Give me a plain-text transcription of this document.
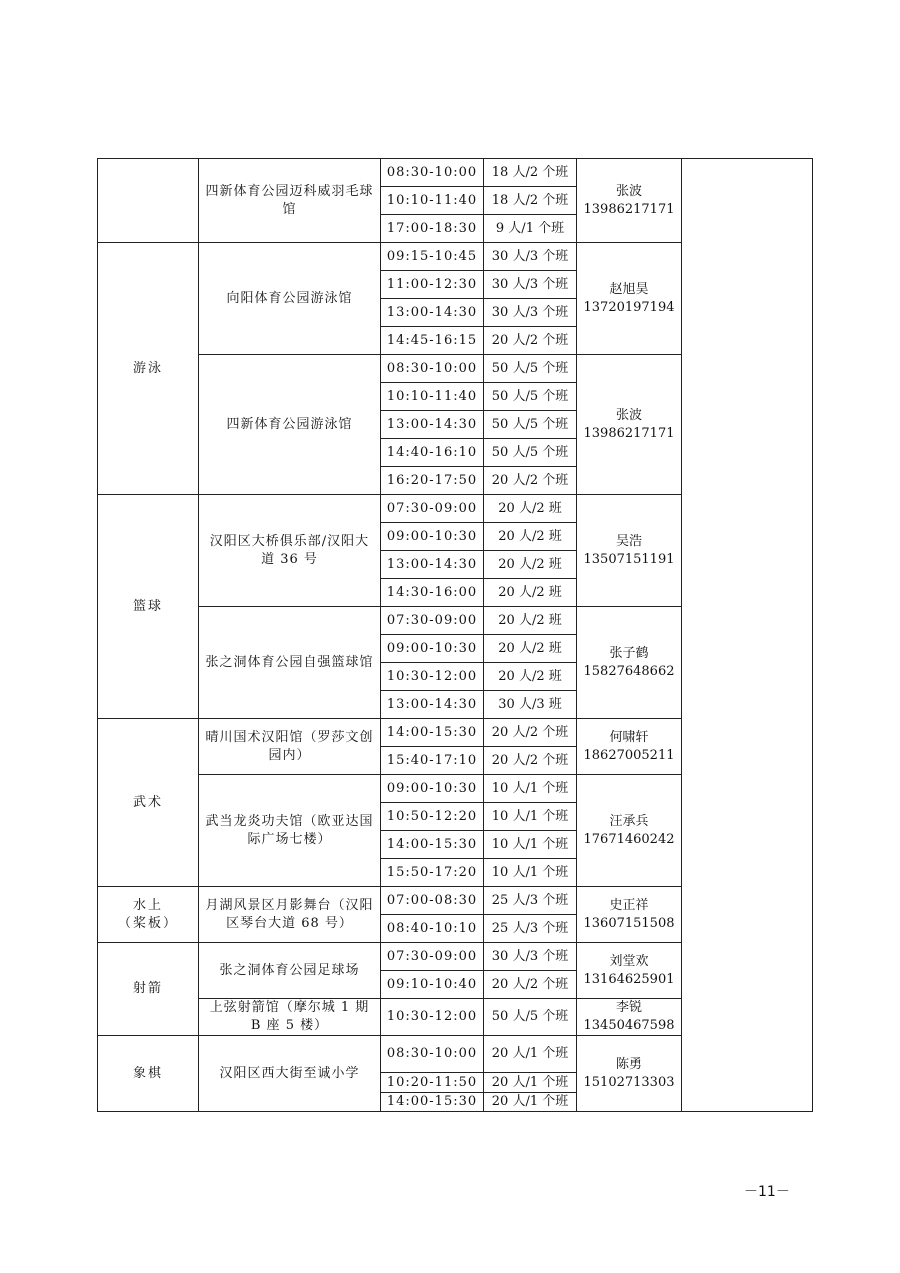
	四新体育公园迈科威羽毛球馆	08:30-10:00	18 人/2 个班	张波
13986217171	
		10:10-11:40	18 人/2 个班		
		17:00-18:30	9 人/1 个班		
游泳	向阳体育公园游泳馆	09:15-10:45	30 人/3 个班	赵旭昊
13720197194	
		11:00-12:30	30 人/3 个班		
		13:00-14:30	30 人/3 个班		
		14:45-16:15	20 人/2 个班		
	四新体育公园游泳馆	08:30-10:00	50 人/5 个班	张波
13986217171	
		10:10-11:40	50 人/5 个班		
		13:00-14:30	50 人/5 个班		
		14:40-16:10	50 人/5 个班		
		16:20-17:50	20 人/2 个班		
篮球	汉阳区大桥俱乐部/汉阳大道 36 号	07:30-09:00	20 人/2 班	吴浩
13507151191	
		09:00-10:30	20 人/2 班		
		13:00-14:30	20 人/2 班		
		14:30-16:00	20 人/2 班		
	张之洞体育公园自强篮球馆	07:30-09:00	20 人/2 班	张子鹤
15827648662	
		09:00-10:30	20 人/2 班		
		10:30-12:00	20 人/2 班		
		13:00-14:30	30 人/3 班		
武术	晴川国术汉阳馆（罗莎文创园内）	14:00-15:30	20 人/2 个班	何啸轩
18627005211	
		15:40-17:10	20 人/2 个班		
	武当龙炎功夫馆（欧亚达国际广场七楼）	09:00-10:30	10 人/1 个班	汪承兵
17671460242	
		10:50-12:20	10 人/1 个班		
		14:00-15:30	10 人/1 个班		
		15:50-17:20	10 人/1 个班		
水上
（桨板）	月湖风景区月影舞台（汉阳区琴台大道 68 号）	07:00-08:30	25 人/3 个班	史正祥
13607151508	
		08:40-10:10	25 人/3 个班		
射箭	张之洞体育公园足球场	07:30-09:00	30 人/3 个班	刘堂欢
13164625901	
		09:10-10:40	20 人/2 个班		
	上弦射箭馆（摩尔城 1 期 B 座 5 楼）	10:30-12:00	50 人/5 个班	李锐
13450467598	
象棋	汉阳区西大街至诚小学	08:30-10:00	20 人/1 个班	陈勇
15102713303	
		10:20-11:50	20 人/1 个班		
		14:00-15:30	20 人/1 个班		
－11－
